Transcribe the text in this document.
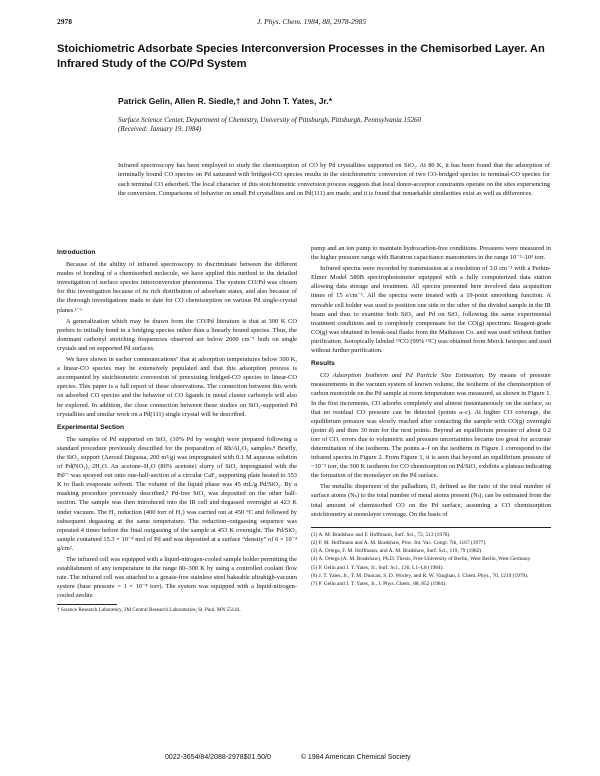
2978	J. Phys. Chem. 1984, 88, 2978-2985
Stoichiometric Adsorbate Species Interconversion Processes in the Chemisorbed Layer. An Infrared Study of the CO/Pd System
Patrick Gelin, Allen R. Siedle,† and John T. Yates, Jr.*
Surface Science Center, Department of Chemistry, University of Pittsburgh, Pittsburgh, Pennsylvania 15260
(Received: January 19, 1984)
Infrared spectroscopy has been employed to study the chemisorption of CO by Pd crystallites supported on SiO₂. At 80 K, it has been found that the adsorption of terminally bound CO species on Pd saturated with bridged-CO species results in the stoichiometric conversion of two CO-bridged species to terminal-CO species for each terminal CO adsorbed. The local character of this stoichiometric conversion process suggests that local donor-acceptor constraints operate on the sites experiencing the conversion. Comparisons of behavior on small Pd crystallites and on Pd(111) are made, and it is found that remarkable similarities exist as well as differences.
Introduction

Because of the ability of infrared spectroscopy to discriminate between the different modes of bonding of a chemisorbed molecule, we have applied this method to the detailed investigation of surface species interconversion phenomena. The system CO/Pd was chosen for this investigation because of its rich distribution of adsorbate states, and also because of the thorough investigations made to date for CO chemisorption on various Pd single-crystal planes.¹⁻⁶

A generalization which may be drawn from the CO/Pd literature is that at 300 K CO prefers to initially bond in a bridging species rather than a linearly bound species. Thus, the dominant carbonyl stretching frequencies observed are below 2000 cm⁻¹ both on single crystals and on supported Pd surfaces.

We have shown in earlier communications⁷ that at adsorption temperatures below 300 K, a linear-CO species may be extensively populated and that this adsorption process is accompanied by stoichiometric conversion of preexisting bridged-CO species to linear-CO species. This paper is a full report of these observations. The connection between this work on adsorbed CO species and the behavior of CO ligands in metal cluster carbonyls will also be explored. In addition, the close connection between these studies on SiO₂-supported Pd crystallites and similar work on a Pd(111) single crystal will be described.

Experimental Section

The samples of Pd supported on SiO₂ (10% Pd by weight) were prepared following a standard procedure previously described for the preparation of Rh/Al₂O₃ samples.⁸ Briefly, the SiO₂ support (Aerosil Degussa, 200 m²/g) was impregnated with 0.1 M aqueous solution of Pd(NO₃)₂·2H₂O. An acetone–H₂O (80% acetone) slurry of SiO₂ impregnated with the Pd²⁺ was sprayed out onto one-half-section of a circular CaF₂ supporting plate heated to 353 K to flash evaporate solvent. The volume of the liquid phase was 45 mL/g Pd/SiO₂. By a masking procedure previously described,⁹ Pd-free SiO₂ was deposited on the other half-section. The sample was then introduced into the IR cell and degassed overnight at 423 K under vacuum. The H₂ reduction (400 torr of H₂) was carried out at 450 °C and followed by subsequent degassing at the same temperature. The reduction–outgassing sequence was repeated 4 times before the final outgassing of the sample at 453 K overnight. The Pd/SiO₂ sample contained 15.3 × 10⁻⁴ mol of Pd and was deposited at a surface “density” of 6 × 10⁻³ g/cm².

The infrared cell was equipped with a liquid-nitrogen-cooled sample holder permitting the establishment of any temperature in the range 80–300 K by using a controlled coolant flow rate. The infrared cell was attached to a grease-free stainless steel bakeable ultrahigh-vacuum system (base pressure = 1 × 10⁻⁸ torr). The system was equipped with a liquid-nitrogen-cooled zeolite

† Science Research Laboratory, 3M Central Research Laboratories, St. Paul, MN 55144.

pump and an ion pump to maintain hydrocarbon-free conditions. Pressures were measured in the higher pressure range with Baratron capacitance manometers in the range 10⁻³–10³ torr.

Infrared spectra were recorded by transmission at a resolution of 3.0 cm⁻¹ with a Perkin-Elmer Model 580B spectrophotometer equipped with a fully computerized data station allowing data storage and treatment. All spectra presented here involved data acquisition times of 15 s/cm⁻¹. All the spectra were treated with a 19-point smoothing function. A movable cell holder was used to position one side or the other of the divided sample in the IR beam and thus to examine both SiO₂ and Pd on SiO₂ following the same experimental treatment conditions and to completely compensate for the CO(g) spectrum. Reagent-grade CO(g) was obtained in break-seal flasks from the Matheson Co. and was used without further purification. Isotopically labeled ¹³CO (99% ¹³C) was obtained from Merck Isotopes and used without further purification.

Results

CO Adsorption Isotherm and Pd Particle Size Estimation. By means of pressure measurements in the vacuum system of known volume, the isotherm of the chemisorption of carbon monoxide on the Pd sample at room temperature was measured, as shown in Figure 1. In the first increments, CO adsorbs completely and almost instantaneously on the surface, so that no residual CO pressure can be detected (points a–c). At higher CO coverage, the equilibrium pressure was slowly reached after contacting the sample with CO(g) overnight (point d) and then 30 min for the next points. Beyond an equilibrium pressure of about 0.2 torr of CO, errors due to volumetric and pressure uncertainties became too great for accurate determination of the isotherm. The points a–f on the isotherm in Figure 1 correspond to the infrared spectra in Figure 2. From Figure 1, it is seen that beyond an equilibrium pressure of ~10⁻² torr, the 300 K isotherm for CO chemisorption on Pd/SiO₂ exhibits a plateau indicating the formation of the monolayer on the Pd surface.

The metallic dispersion of the palladium, D, defined as the ratio of the total number of surface atoms (Nₛ) to the total number of metal atoms present (Nₜ), can be estimated from the total amount of chemisorbed CO on the Pd surface, assuming a CO chemisorption stoichiometry at monolayer coverage. On the basis of

(1) A. M. Bradshaw and F. Hoffmann, Surf. Sci., 72, 513 (1978).

(2) F. M. Hoffmann and A. M. Bradshaw, Proc. Int. Vac. Congr. 7th, 1167 (1977).

(3) A. Ortega, F. M. Hoffmann, and A. M. Bradshaw, Surf. Sci., 119, 79 (1982).

(4) A. Ortega (A. M. Bradshaw), Ph.D. Thesis, Free University of Berlin, West Berlin, West Germany.

(5) P. Gelin and J. T. Yates, Jr., Surf. Sci., 136, L1–L8 (1984).

(6) J. T. Yates, Jr., T. M. Duncan, S. D. Worley, and R. W. Vaughan, J. Chem. Phys., 70, 1219 (1979).

(7) P. Gelin and J. T. Yates, Jr., J. Phys. Chem., 88, 852 (1984).

0022-3654/84/2088-2978$01.50/0	© 1984 American Chemical Society
